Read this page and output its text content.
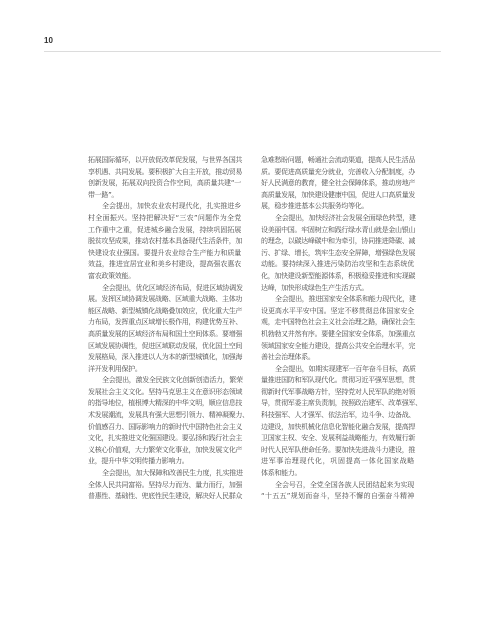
10
拓展国际循环，以开放促改革促发展，与世界各国共
享机遇、共同发展。要积极扩大自主开放，推动贸易
创新发展，拓展双向投资合作空间，高质量共建“一
带一路”。
全会提出，加快农业农村现代化，扎实推进乡
村全面振兴。坚持把解决好“三农”问题作为全党
工作重中之重，促进城乡融合发展，持续巩固拓展
脱贫攻坚成果，推动农村基本具备现代生活条件，加
快建设农业强国。要提升农业综合生产能力和质量
效益，推进宜居宜业和美乡村建设，提高强农惠农
富农政策效能。
全会提出，优化区域经济布局，促进区域协调发
展。发挥区域协调发展战略、区域重大战略、主体功
能区战略、新型城镇化战略叠加效应，优化重大生产
力布局，发挥重点区域增长极作用，构建优势互补、
高质量发展的区域经济布局和国土空间体系。要增强
区域发展协调性，促进区域联动发展，优化国土空间
发展格局，深入推进以人为本的新型城镇化，加强海
洋开发利用保护。
全会提出，激发全民族文化创新创造活力，繁荣
发展社会主义文化。坚持马克思主义在意识形态领域
的指导地位，植根博大精深的中华文明，顺应信息技
术发展潮流，发展具有强大思想引领力、精神凝聚力、
价值感召力、国际影响力的新时代中国特色社会主义
文化，扎实推进文化强国建设。要弘扬和践行社会主
义核心价值观，大力繁荣文化事业，加快发展文化产
业，提升中华文明传播力影响力。
全会提出，加大保障和改善民生力度，扎实推进
全体人民共同富裕。坚持尽力而为、量力而行，加强
普惠性、基础性、兜底性民生建设，解决好人民群众
急难愁盼问题，畅通社会流动渠道，提高人民生活品
质。要促进高质量充分就业，完善收入分配制度，办
好人民满意的教育，健全社会保障体系，推动房地产
高质量发展，加快建设健康中国，促进人口高质量发
展，稳步推进基本公共服务均等化。
全会提出，加快经济社会发展全面绿色转型，建
设美丽中国。牢固树立和践行绿水青山就是金山银山
的理念，以碳达峰碳中和为牵引，协同推进降碳、减
污、扩绿、增长，筑牢生态安全屏障，增强绿色发展
动能。要持续深入推进污染防治攻坚和生态系统优
化，加快建设新型能源体系，积极稳妥推进和实现碳
达峰，加快形成绿色生产生活方式。
全会提出，推进国家安全体系和能力现代化，建
设更高水平平安中国。坚定不移贯彻总体国家安全
观，走中国特色社会主义社会治理之路，确保社会生
机勃勃又井然有序。要健全国家安全体系，加强重点
领域国家安全能力建设，提高公共安全治理水平，完
善社会治理体系。
全会提出，如期实现建军一百年奋斗目标，高质
量推进国防和军队现代化。贯彻习近平强军思想，贯
彻新时代军事战略方针，坚持党对人民军队的绝对领
导，贯彻军委主席负责制，按照政治建军、改革强军、
科技强军、人才强军、依法治军，边斗争、边备战、
边建设，加快机械化信息化智能化融合发展，提高捍
卫国家主权、安全、发展利益战略能力，有效履行新
时代人民军队使命任务。要加快先进战斗力建设，推
进军事治理现代化，巩固提高一体化国家战略
体系和能力。
全会号召，全党全国各族人民团结起来为实现
“十五五”规划而奋斗，坚持不懈的自强奋斗精神
